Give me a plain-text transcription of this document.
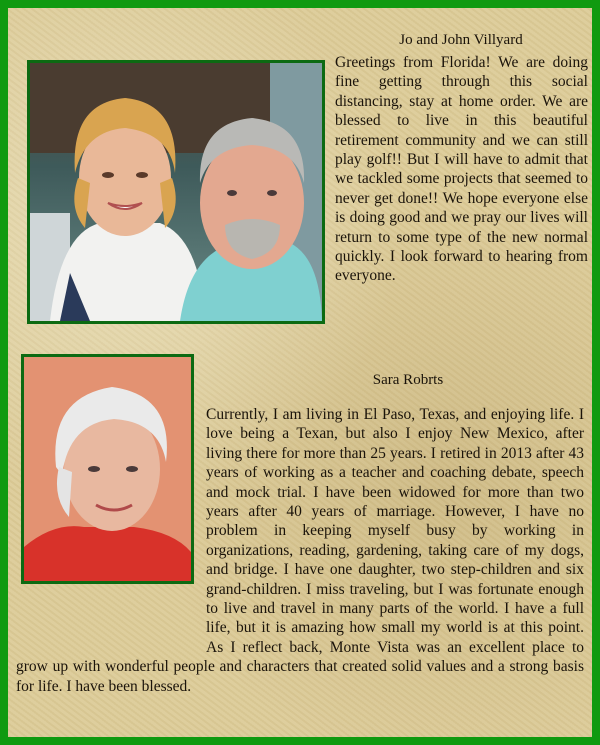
Jo and John Villyard

Greetings from Florida! We are doing fine getting through this social distancing, stay at home order. We are blessed to live in this beautiful retirement community and we can still play golf!! But I will have to admit that we tackled some projects that seemed to never get done!! We hope everyone else is doing good and we pray our lives will return to some type of the new normal quickly. I look forward to hearing from everyone.

Sara Robrts
Currently, I am living in El Paso, Texas, and enjoying life. I love being a Texan, but also I enjoy New Mexico, after living there for more than 25 years. I retired in 2013 after 43 years of working as a teacher and coaching debate, speech and mock trial. I have been widowed for more than two years after 40 years of marriage. However, I have no problem in keeping myself busy by working in organizations, reading, gardening, taking care of my dogs, and bridge. I have one daughter, two step-children and six grand-children. I miss traveling, but I was fortunate enough to live and travel in many parts of the world. I have a full life, but it is amazing how small my world is at this point. As I reflect back, Monte Vista was an excellent place to grow up with wonderful people and characters that created solid values and a strong basis for life. I have been blessed.
